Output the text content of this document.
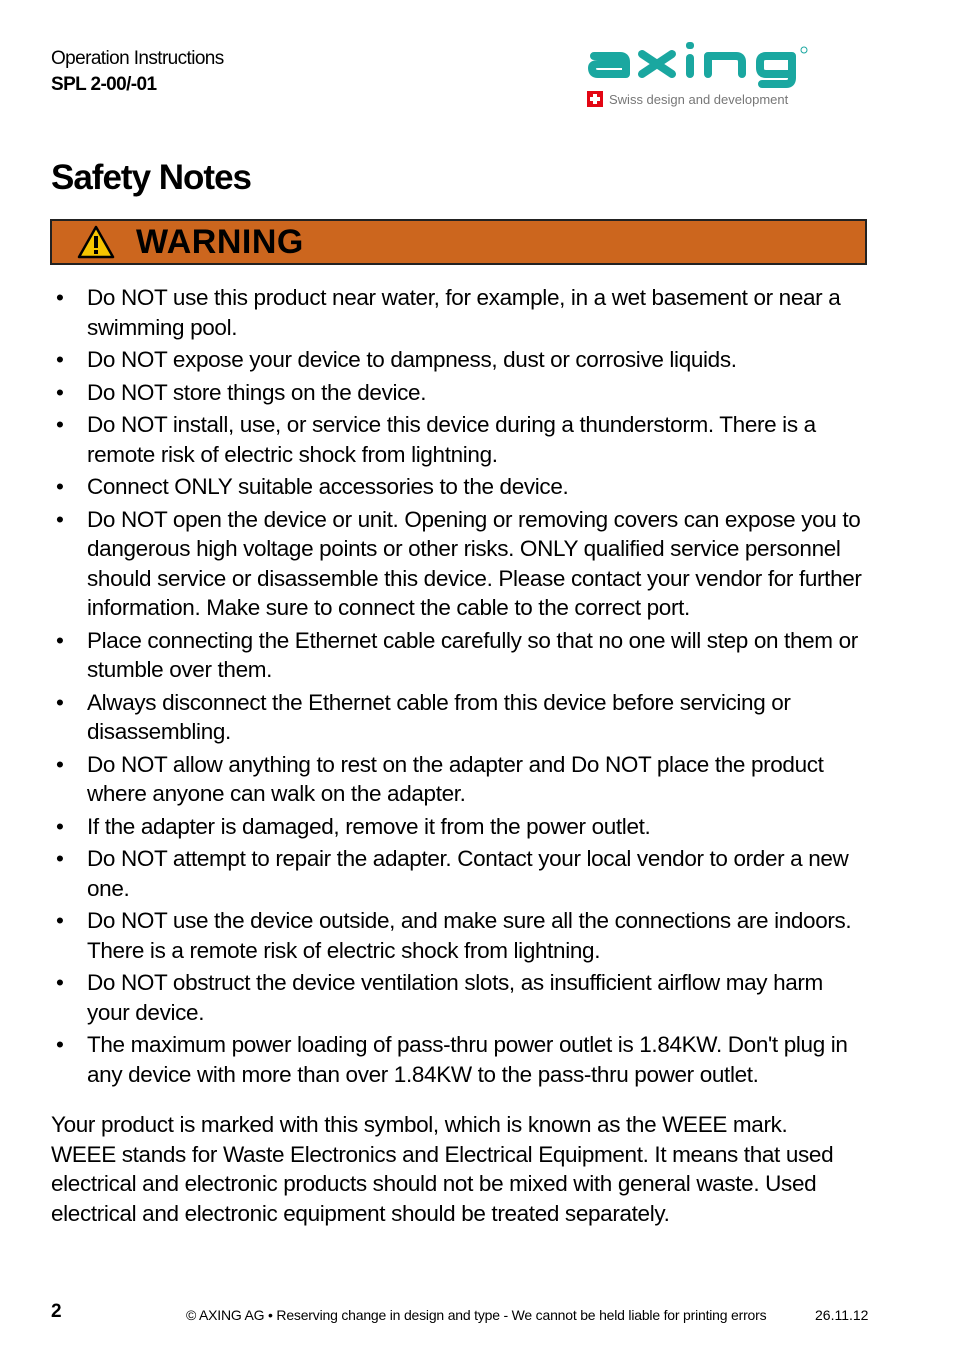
Operation Instructions
SPL 2-00/-01
Swiss design and development
Safety Notes
WARNING
• Do NOT use this product near water, for example, in a wet basement or near a swimming pool.
• Do NOT expose your device to dampness, dust or corrosive liquids.
• Do NOT store things on the device.
• Do NOT install, use, or service this device during a thunderstorm. There is a remote risk of electric shock from lightning.
• Connect ONLY suitable accessories to the device.
• Do NOT open the device or unit. Opening or removing covers can expose you to dangerous high voltage points or other risks. ONLY qualified service personnel should service or disassemble this device. Please contact your vendor for further information. Make sure to connect the cable to the correct port.
• Place connecting the Ethernet cable carefully so that no one will step on them or stumble over them.
• Always disconnect the Ethernet cable from this device before servicing or disassembling.
• Do NOT allow anything to rest on the adapter and Do NOT place the product where anyone can walk on the adapter.
• If the adapter is damaged, remove it from the power outlet.
• Do NOT attempt to repair the adapter. Contact your local vendor to order a new one.
• Do NOT use the device outside, and make sure all the connections are indoors. There is a remote risk of electric shock from lightning.
• Do NOT obstruct the device ventilation slots, as insufficient airflow may harm your device.
• The maximum power loading of pass-thru power outlet is 1.84KW. Don't plug in any device with more than over 1.84KW to the pass-thru power outlet.

Your product is marked with this symbol, which is known as the WEEE mark. WEEE stands for Waste Electronics and Electrical Equipment. It means that used electrical and electronic products should not be mixed with general waste. Used electrical and electronic equipment should be treated separately.

2	© AXING AG • Reserving change in design and type - We cannot be held liable for printing errors	26.11.12
